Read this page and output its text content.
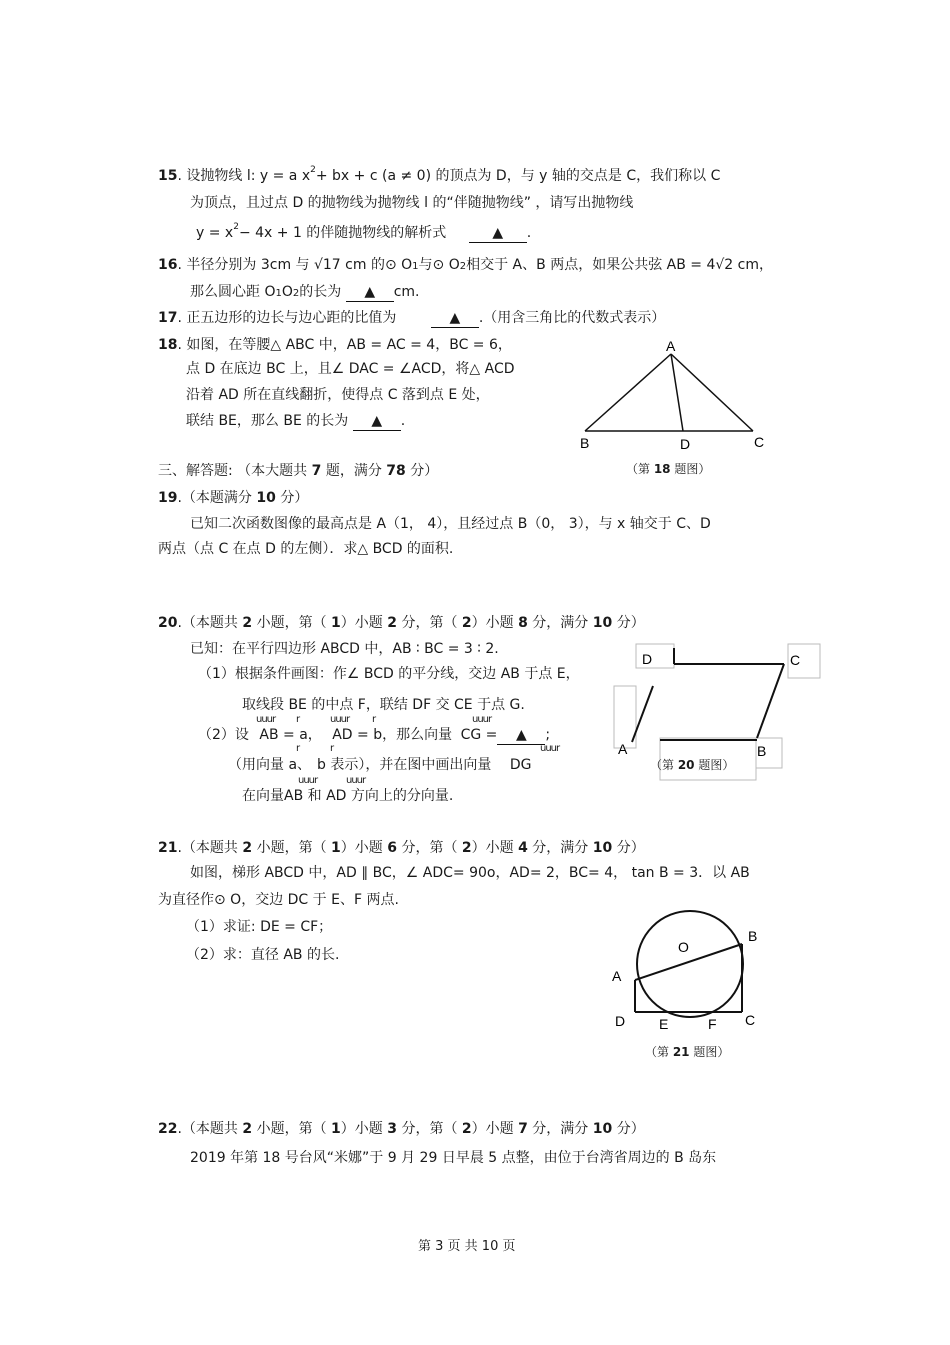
15. 设抛物线 l: y = a $x^2+$ bx + c (a ≠ 0) 的顶点为 D，与 y 轴的交点是 C，我们称以 C
为顶点，且过点 D 的抛物线为抛物线 l 的“伴随抛物线” ，请写出抛物线
$y = x^2- 4x + 1$ 的伴随抛物线的解析式	▲ .
16. 半径分别为 3cm 与 √17 cm 的⊙ O1与⊙ O2相交于 A、B 两点，如果公共弦 AB = 4√2 cm，
那么圆心距 O1O2的长为 ▲ cm.
17. 正五边形的边长与边心距的比值为	▲ .（用含三角比的代数式表示）
18. 如图，在等腰△ ABC 中，AB = AC = 4，BC = 6，
点 D 在底边 BC 上，且∠ DAC = ∠ACD，将△ ACD
沿着 AD 所在直线翻折，使得点 C 落到点 E 处，
联结 BE，那么 BE 的长为 ▲ .
A
B	D	C
（第 18 题图）
三、解答题: （本大题共 7 题，满分 78 分）
19.（本题满分 10 分）
已知二次函数图像的最高点是 A（1， 4），且经过点 B（0， 3），与 x 轴交于 C、D
两点（点 C 在点 D 的左侧）．求△ BCD 的面积.
20.（本题共 2 小题，第（ 1）小题 2 分，第（ 2）小题 8 分，满分 10 分）
已知：在平行四边形 ABCD 中，AB ∶ BC = 3 ∶ 2.
（1）根据条件画图：作∠ BCD 的平分线，交边 AB 于点 E，
取线段 BE 的中点 F，联结 DF 交 CE 于点 G.
uuur r	uuur r	uuur
（2）设 AB = a， AD = b，那么向量 CG = ▲ ;
r	r	uuur
（用向量 a、 b 表示），并在图中画出向量 DG
uuur	uuur
在向量AB 和 AD 方向上的分向量.
D	C
A	B
（第 20 题图）
21.（本题共 2 小题，第（ 1）小题 6 分，第（ 2）小题 4 分，满分 10 分）
如图，梯形 ABCD 中，AD ∥ BC，∠ ADC= 90o，AD= 2，BC= 4， tan B = 3．以 AB
为直径作⊙ O，交边 DC 于 E、F 两点.
（1）求证: DE = CF；
（2）求：直径 AB 的长.	O
B
A
D E	F C
（第 21 题图）
22.（本题共 2 小题，第（ 1）小题 3 分，第（ 2）小题 7 分，满分 10 分）
2019 年第 18 号台风“米娜”于 9 月 29 日早晨 5 点整，由位于台湾省周边的 B 岛东
第 3 页 共 10 页
